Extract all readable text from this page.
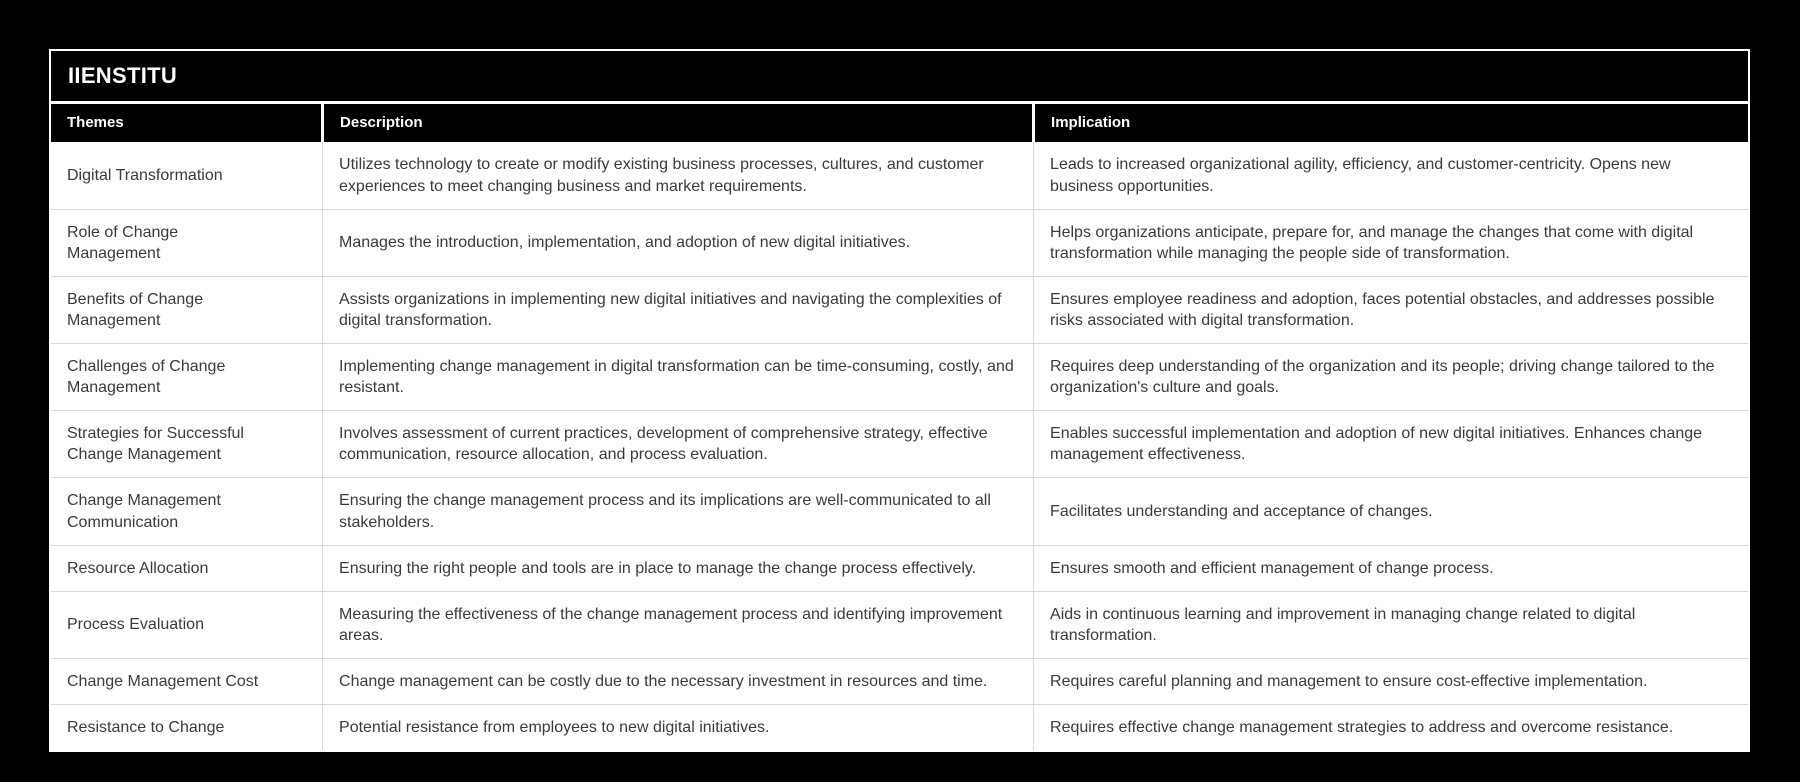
IIENSTITU
Themes	Description	Implication
Digital Transformation	Utilizes technology to create or modify existing business processes, cultures, and customer experiences to meet changing business and market requirements.	Leads to increased organizational agility, efficiency, and customer-centricity. Opens new business opportunities.
Role of Change Management	Manages the introduction, implementation, and adoption of new digital initiatives.	Helps organizations anticipate, prepare for, and manage the changes that come with digital transformation while managing the people side of transformation.
Benefits of Change Management	Assists organizations in implementing new digital initiatives and navigating the complexities of digital transformation.	Ensures employee readiness and adoption, faces potential obstacles, and addresses possible risks associated with digital transformation.
Challenges of Change Management	Implementing change management in digital transformation can be time-consuming, costly, and resistant.	Requires deep understanding of the organization and its people; driving change tailored to the organization's culture and goals.
Strategies for Successful Change Management	Involves assessment of current practices, development of comprehensive strategy, effective communication, resource allocation, and process evaluation.	Enables successful implementation and adoption of new digital initiatives. Enhances change management effectiveness.
Change Management Communication	Ensuring the change management process and its implications are well-communicated to all stakeholders.	Facilitates understanding and acceptance of changes.
Resource Allocation	Ensuring the right people and tools are in place to manage the change process effectively.	Ensures smooth and efficient management of change process.
Process Evaluation	Measuring the effectiveness of the change management process and identifying improvement areas.	Aids in continuous learning and improvement in managing change related to digital transformation.
Change Management Cost	Change management can be costly due to the necessary investment in resources and time.	Requires careful planning and management to ensure cost-effective implementation.
Resistance to Change	Potential resistance from employees to new digital initiatives.	Requires effective change management strategies to address and overcome resistance.
